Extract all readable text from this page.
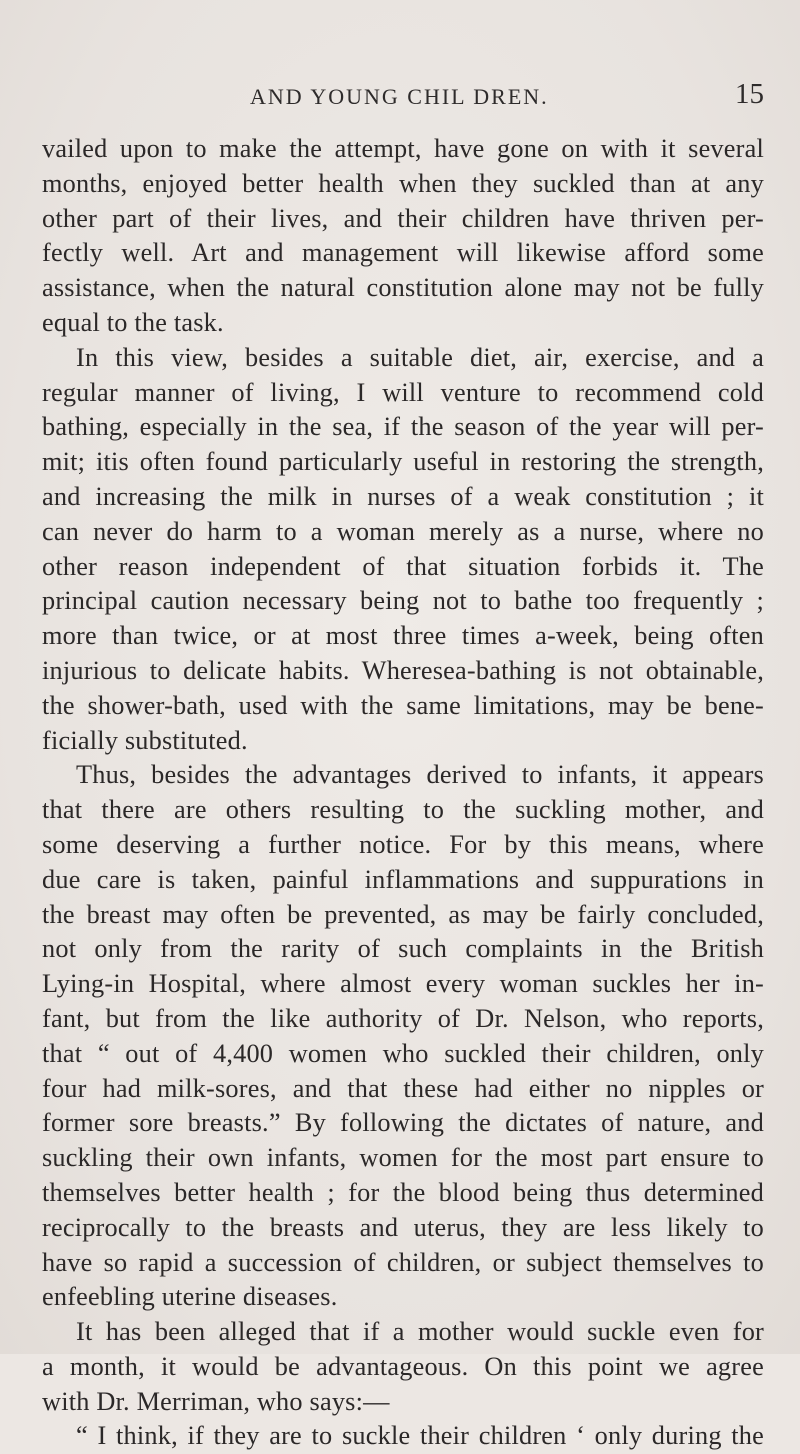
AND YOUNG CHIL DREN.	15
vailed upon to make the attempt, have gone on with it several
months, enjoyed better health when they suckled than at any
other part of their lives, and their children have thriven per-
fectly well. Art and management will likewise afford some
assistance, when the natural constitution alone may not be fully
equal to the task.
In this view, besides a suitable diet, air, exercise, and a
regular manner of living, I will venture to recommend cold
bathing, especially in the sea, if the season of the year will per-
mit; itis often found particularly useful in restoring the strength,
and increasing the milk in nurses of a weak constitution ; it
can never do harm to a woman merely as a nurse, where no
other reason independent of that situation forbids it. The
principal caution necessary being not to bathe too frequently ;
more than twice, or at most three times a-week, being often
injurious to delicate habits. Wheresea-bathing is not obtainable,
the shower-bath, used with the same limitations, may be bene-
ficially substituted.
Thus, besides the advantages derived to infants, it appears
that there are others resulting to the suckling mother, and
some deserving a further notice. For by this means, where
due care is taken, painful inflammations and suppurations in
the breast may often be prevented, as may be fairly concluded,
not only from the rarity of such complaints in the British
Lying-in Hospital, where almost every woman suckles her in-
fant, but from the like authority of Dr. Nelson, who reports,
that “ out of 4,400 women who suckled their children, only
four had milk-sores, and that these had either no nipples or
former sore breasts.” By following the dictates of nature, and
suckling their own infants, women for the most part ensure to
themselves better health ; for the blood being thus determined
reciprocally to the breasts and uterus, they are less likely to
have so rapid a succession of children, or subject themselves to
enfeebling uterine diseases.
It has been alleged that if a mother would suckle even for
a month, it would be advantageous. On this point we agree
with Dr. Merriman, who says:—
“ I think, if they are to suckle their children ‘ only during the
